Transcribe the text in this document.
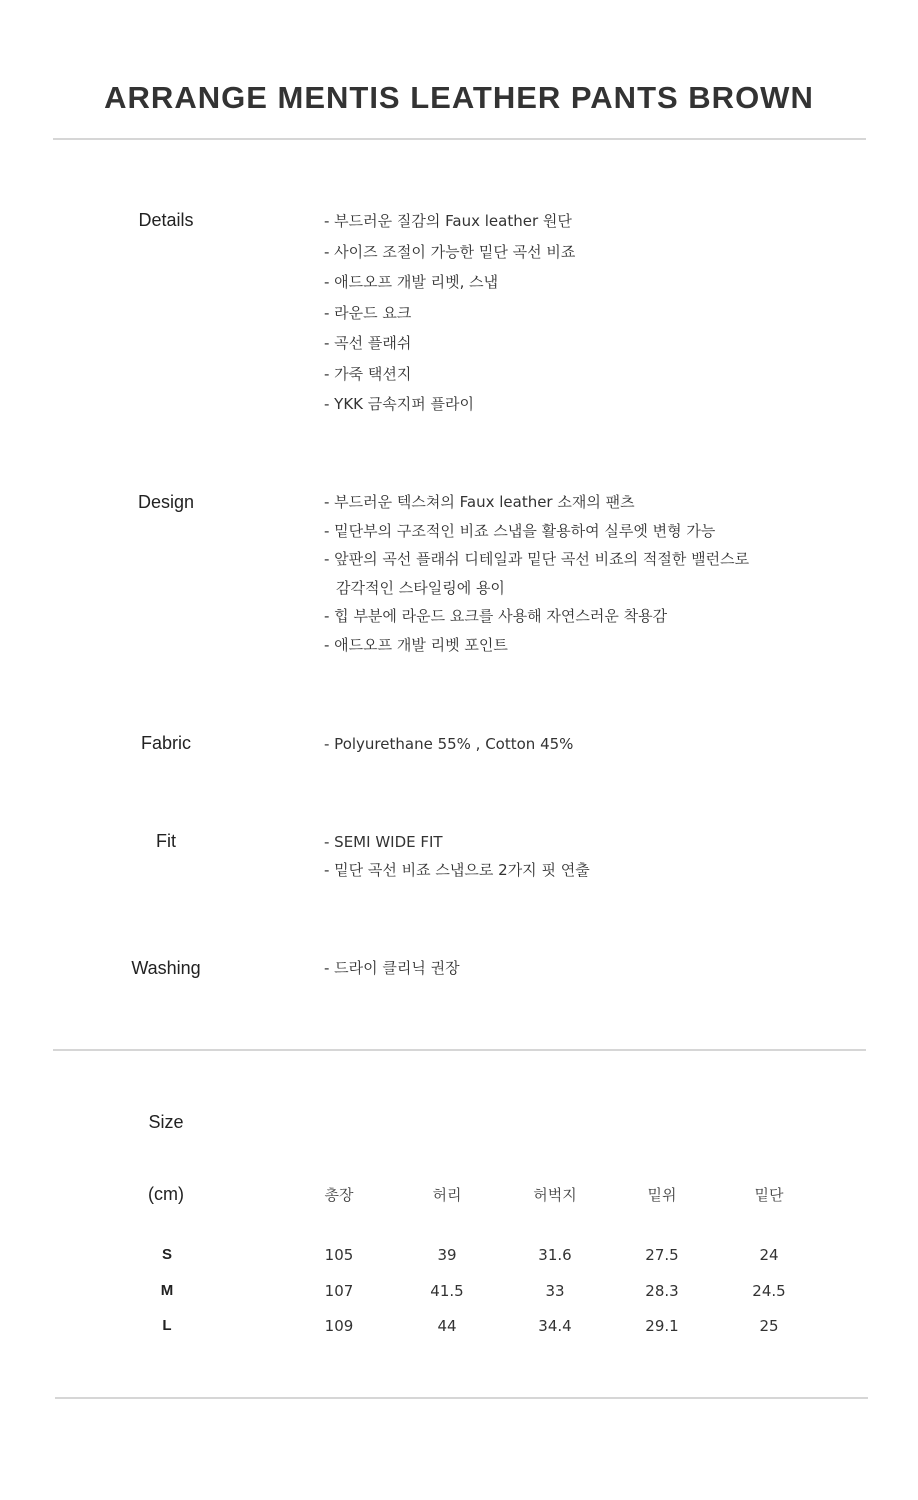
ARRANGE MENTIS LEATHER PANTS BROWN
Details	- 부드러운 질감의 Faux leather 원단
- 사이즈 조절이 가능한 밑단 곡선 비죠
- 애드오프 개발 리벳, 스냅
- 라운드 요크
- 곡선 플래쉬
- 가죽 택션지
- YKK 금속지퍼 플라이
Design	- 부드러운 텍스쳐의 Faux leather 소재의 팬츠
- 밑단부의 구조적인 비죠 스냅을 활용하여 실루엣 변형 가능
- 앞판의 곡선 플래쉬 디테일과 밑단 곡선 비죠의 적절한 밸런스로
감각적인 스타일링에 용이
- 힙 부분에 라운드 요크를 사용해 자연스러운 착용감
- 애드오프 개발 리벳 포인트
Fabric	- Polyurethane 55% , Cotton 45%
Fit	- SEMI WIDE FIT
- 밑단 곡선 비죠 스냅으로 2가지 핏 연출
Washing	- 드라이 클리닉 권장
Size
(cm)	총장	허리	허벅지	밑위	밑단
S	105	39	31.6	27.5	24
M	107	41.5	33	28.3	24.5
L	109	44	34.4	29.1	25
